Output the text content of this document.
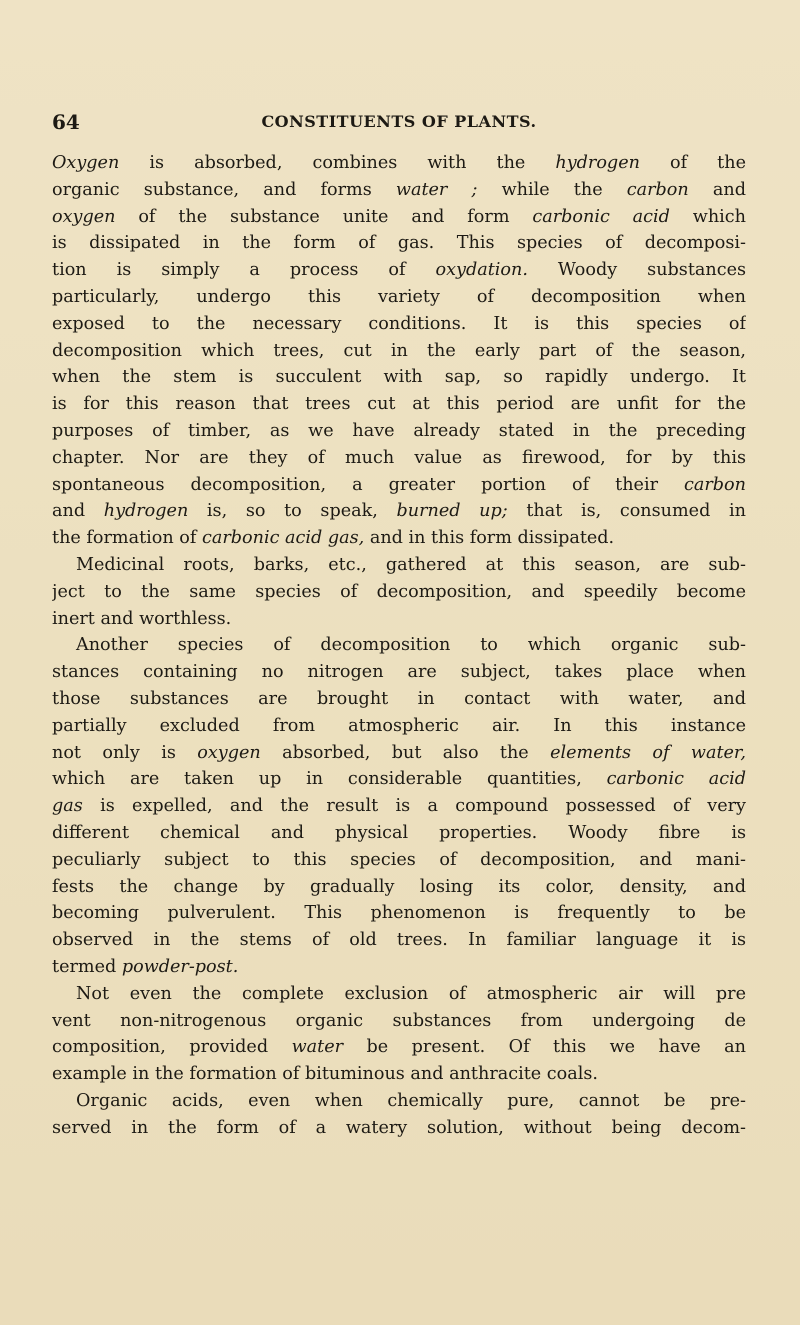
64	CONSTITUENTS OF PLANTS.
Oxygen is absorbed, combines with the hydrogen of the
organic substance, and forms water ; while the carbon and
oxygen of the substance unite and form carbonic acid which
is dissipated in the form of gas. This species of decomposi-
tion is simply a process of oxydation. Woody substances
particularly, undergo this variety of decomposition when
exposed to the necessary conditions. It is this species of
decomposition which trees, cut in the early part of the season,
when the stem is succulent with sap, so rapidly undergo. It
is for this reason that trees cut at this period are unfit for the
purposes of timber, as we have already stated in the preceding
chapter. Nor are they of much value as firewood, for by this
spontaneous decomposition, a greater portion of their carbon
and hydrogen is, so to speak, burned up; that is, consumed in
the formation of carbonic acid gas, and in this form dissipated.
Medicinal roots, barks, etc., gathered at this season, are sub-
ject to the same species of decomposition, and speedily become
inert and worthless.
Another species of decomposition to which organic sub-
stances containing no nitrogen are subject, takes place when
those substances are brought in contact with water, and
partially excluded from atmospheric air. In this instance
not only is oxygen absorbed, but also the elements of water,
which are taken up in considerable quantities, carbonic acid
gas is expelled, and the result is a compound possessed of very
different chemical and physical properties. Woody fibre is
peculiarly subject to this species of decomposition, and mani-
fests the change by gradually losing its color, density, and
becoming pulverulent. This phenomenon is frequently to be
observed in the stems of old trees. In familiar language it is
termed powder-post.
Not even the complete exclusion of atmospheric air will pre
vent non-nitrogenous organic substances from undergoing de
composition, provided water be present. Of this we have an
example in the formation of bituminous and anthracite coals.
Organic acids, even when chemically pure, cannot be pre-
served in the form of a watery solution, without being decom-
